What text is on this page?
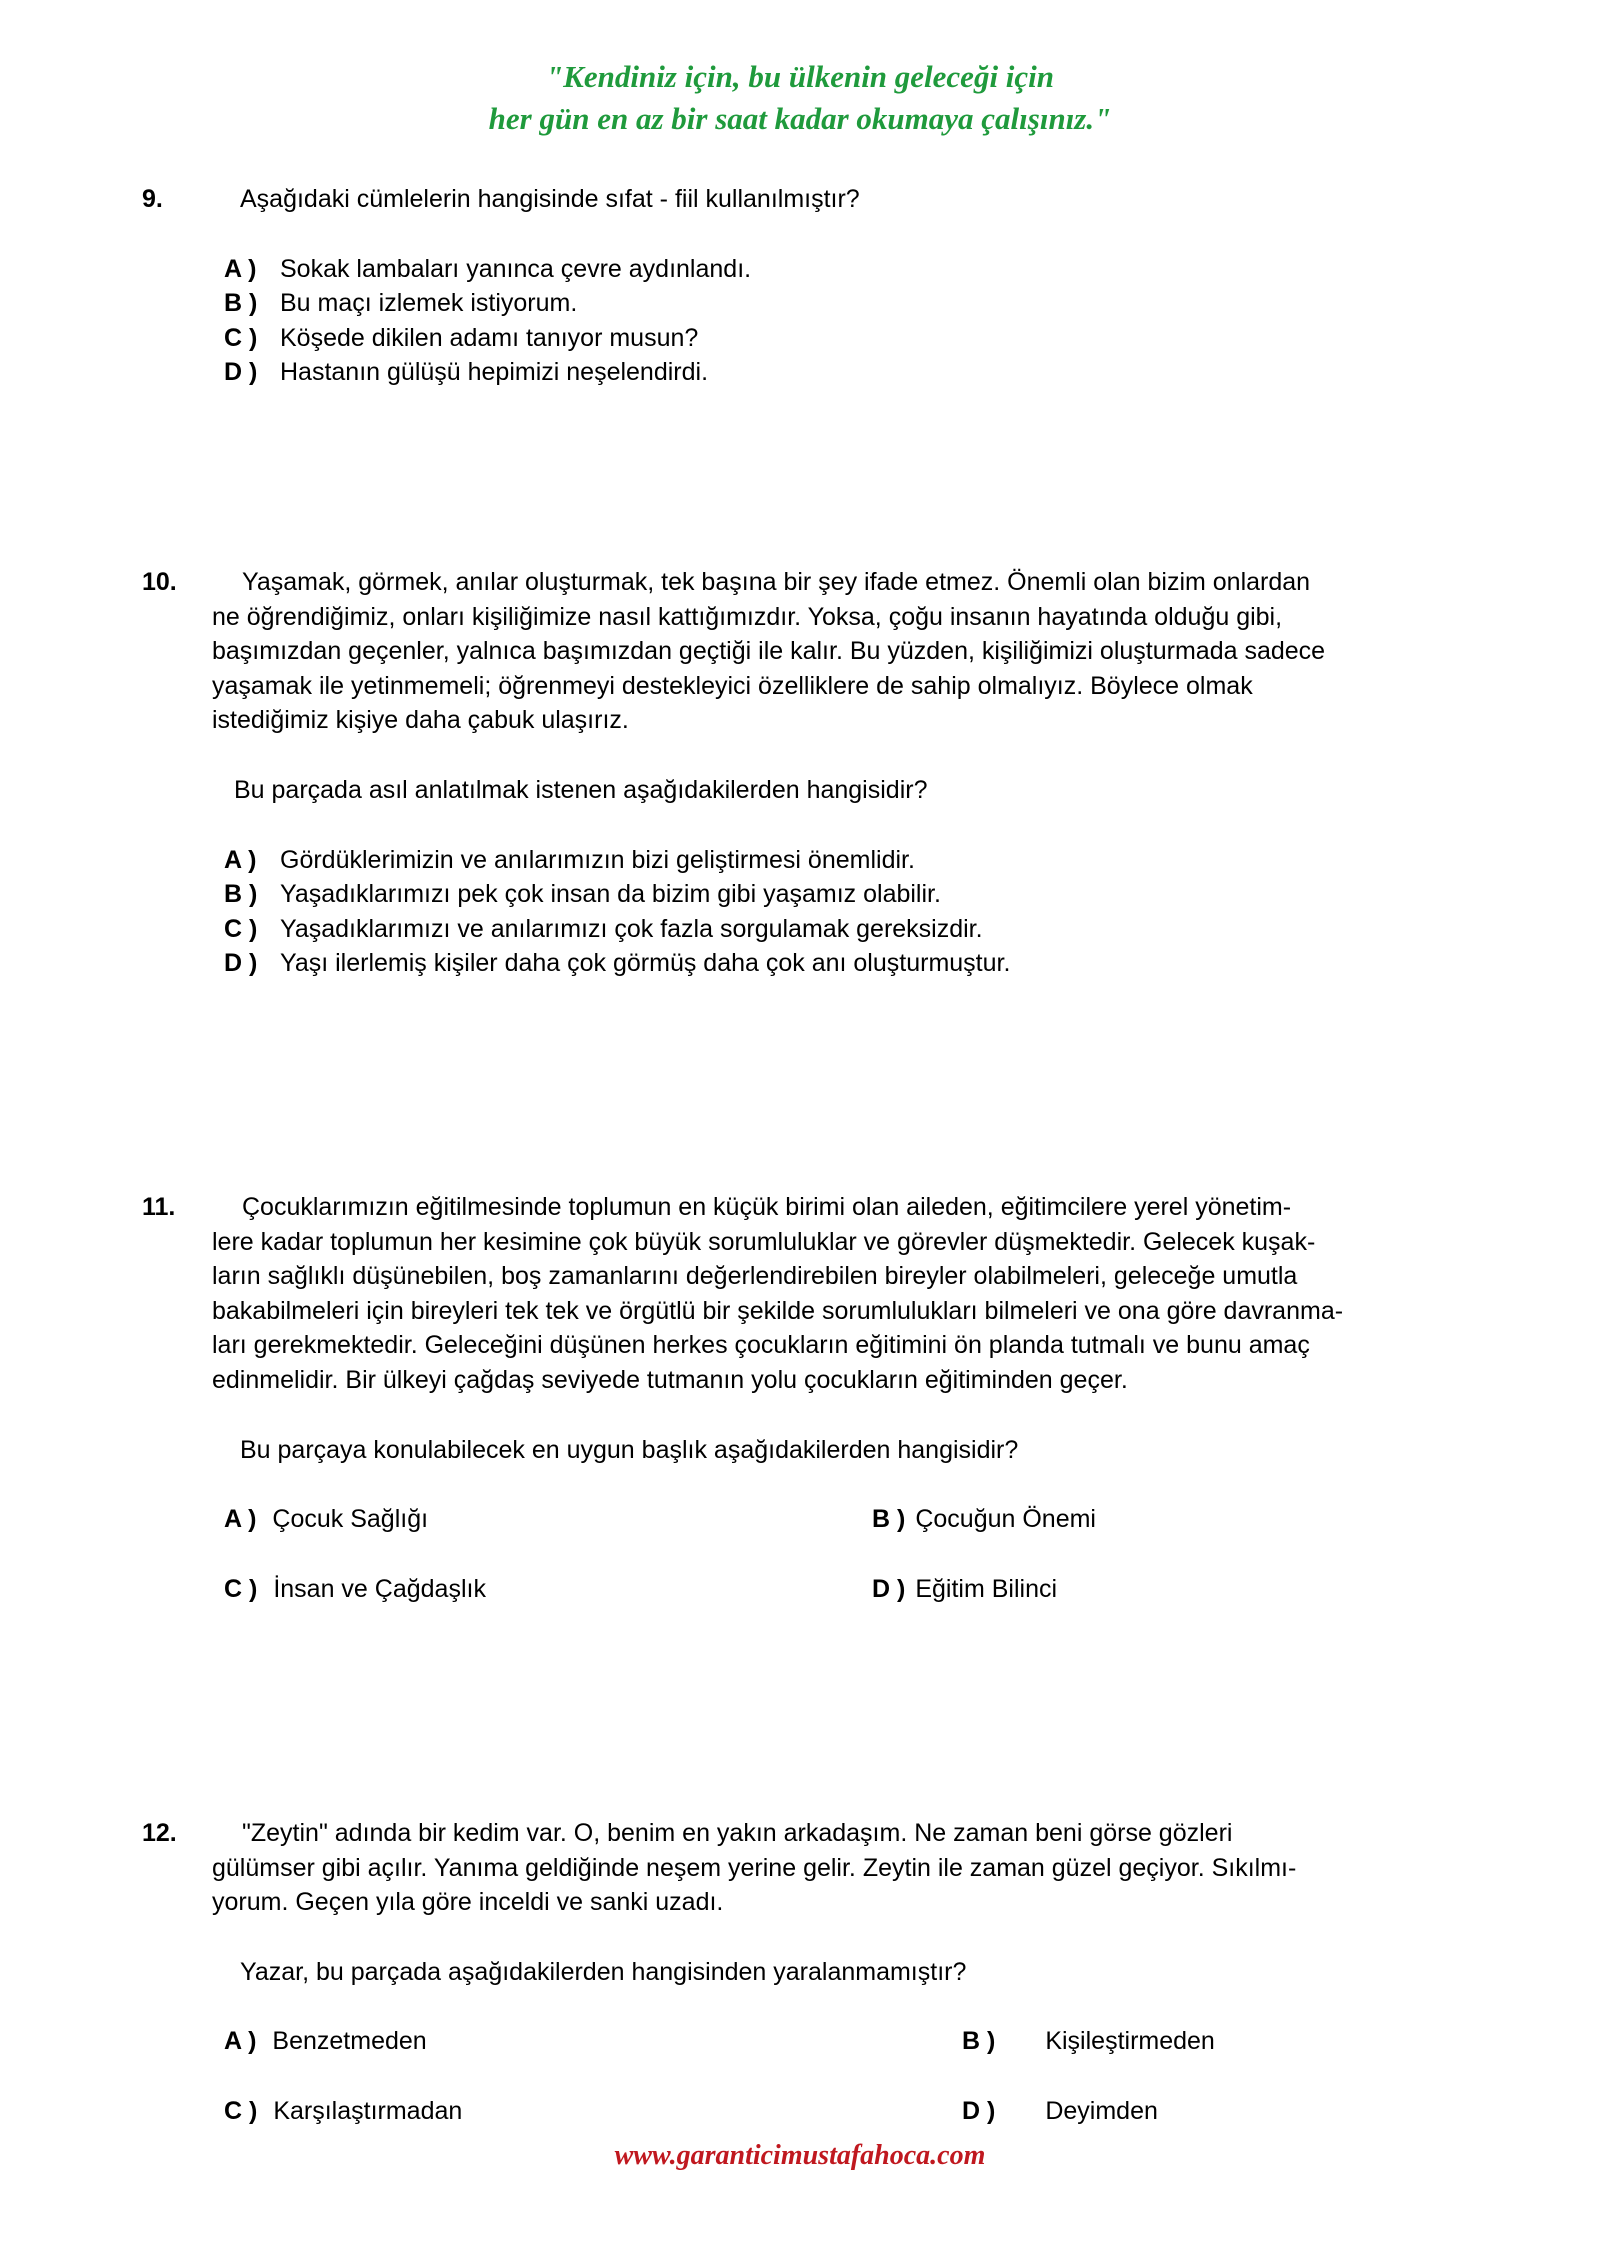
"Kendiniz için, bu ülkenin geleceği için
her gün en az bir saat kadar okumaya çalışınız."
9.	Aşağıdaki cümlelerin hangisinde sıfat - fiil kullanılmıştır?
A ) Sokak lambaları yanınca çevre aydınlandı.
B ) Bu maçı izlemek istiyorum.
C ) Köşede dikilen adamı tanıyor musun?
D ) Hastanın gülüşü hepimizi neşelendirdi.
10.	Yaşamak, görmek, anılar oluşturmak, tek başına bir şey ifade etmez. Önemli olan bizim onlardan
ne öğrendiğimiz, onları kişiliğimize nasıl kattığımızdır. Yoksa, çoğu insanın hayatında olduğu gibi,
başımızdan geçenler, yalnıca başımızdan geçtiği ile kalır. Bu yüzden, kişiliğimizi oluşturmada sadece
yaşamak ile yetinmemeli; öğrenmeyi destekleyici özelliklere de sahip olmalıyız. Böylece olmak
istediğimiz kişiye daha çabuk ulaşırız.
Bu parçada asıl anlatılmak istenen aşağıdakilerden hangisidir?
A ) Gördüklerimizin ve anılarımızın bizi geliştirmesi önemlidir.
B ) Yaşadıklarımızı pek çok insan da bizim gibi yaşamız olabilir.
C ) Yaşadıklarımızı ve anılarımızı çok fazla sorgulamak gereksizdir.
D ) Yaşı ilerlemiş kişiler daha çok görmüş daha çok anı oluşturmuştur.
11.	Çocuklarımızın eğitilmesinde toplumun en küçük birimi olan aileden, eğitimcilere yerel yönetim-
lere kadar toplumun her kesimine çok büyük sorumluluklar ve görevler düşmektedir. Gelecek kuşak-
ların sağlıklı düşünebilen, boş zamanlarını değerlendirebilen bireyler olabilmeleri, geleceğe umutla
bakabilmeleri için bireyleri tek tek ve örgütlü bir şekilde sorumlulukları bilmeleri ve ona göre davranma-
ları gerekmektedir. Geleceğini düşünen herkes çocukların eğitimini ön planda tutmalı ve bunu amaç
edinmelidir. Bir ülkeyi çağdaş seviyede tutmanın yolu çocukların eğitiminden geçer.
Bu parçaya konulabilecek en uygun başlık aşağıdakilerden hangisidir?
A ) Çocuk Sağlığı	B ) Çocuğun Önemi
C ) İnsan ve Çağdaşlık	D ) Eğitim Bilinci
12.	"Zeytin" adında bir kedim var. O, benim en yakın arkadaşım. Ne zaman beni görse gözleri
gülümser gibi açılır. Yanıma geldiğinde neşem yerine gelir. Zeytin ile zaman güzel geçiyor. Sıkılmı-
yorum. Geçen yıla göre inceldi ve sanki uzadı.
Yazar, bu parçada aşağıdakilerden hangisinden yaralanmamıştır?
A ) Benzetmeden	B ) Kişileştirmeden
C ) Karşılaştırmadan	D ) Deyimden
www.garanticimustafahoca.com
